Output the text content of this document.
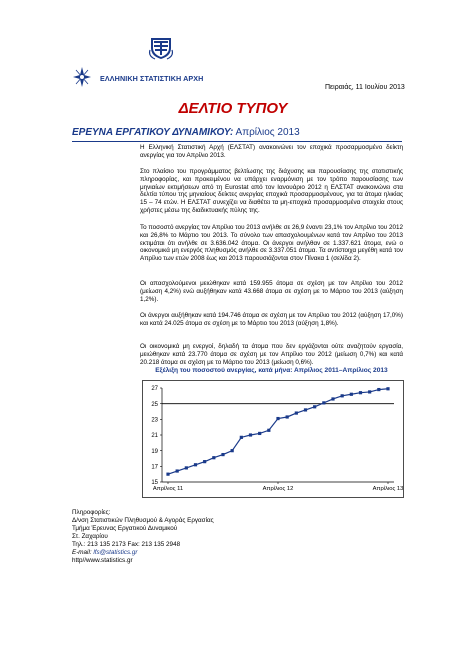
ΕΛΛΗΝΙΚΗ ΣΤΑΤΙΣΤΙΚΗ ΑΡΧΗ
Πειραιάς, 11 Ιουλίου 2013
ΔΕΛΤΙΟ ΤΥΠΟΥ
ΕΡΕΥΝΑ ΕΡΓΑΤΙΚΟΥ ΔΥΝΑΜΙΚΟΥ: Απρίλιος 2013
Η Ελληνική Στατιστική Αρχή (ΕΛΣΤΑΤ) ανακοινώνει τον εποχικά προσαρμοσμένο δείκτη ανεργίας για τον Απρίλιο 2013.
Στο πλαίσιο του προγράμματος βελτίωσης της διάχυσης και παρουσίασης της στατιστικής πληροφορίας, και προκειμένου να υπάρχει εναρμόνιση με τον τρόπο παρουσίασης των μηνιαίων εκτιμήσεων από τη Eurostat από τον Ιανουάριο 2012 η ΕΛΣΤΑΤ ανακοινώνει στα δελτία τύπου της μηνιαίους δείκτες ανεργίας εποχικά προσαρμοσμένους, για τα άτομα ηλικίας 15 – 74 ετών. Η ΕΛΣΤΑΤ συνεχίζει να διαθέτει τα μη-εποχικά προσαρμοσμένα στοιχεία στους χρήστες μέσω της διαδικτυακής πύλης της.
Το ποσοστό ανεργίας τον Απρίλιο του 2013 ανήλθε σε 26,9 έναντι 23,1% τον Απρίλιο του 2012 και 26,8% το Μάρτιο του 2013. Το σύνολο των απασχολουμένων κατά τον Απρίλιο του 2013 εκτιμάται ότι ανήλθε σε 3.636.042 άτομα. Οι άνεργοι ανήλθαν σε 1.337.621 άτομα, ενώ ο οικονομικά μη ενεργός πληθυσμός ανήλθε σε 3.337.051 άτομα. Τα αντίστοιχα μεγέθη κατά τον Απρίλιο των ετών 2008 έως και 2013 παρουσιάζονται στον Πίνακα 1 (σελίδα 2).
Οι απασχολούμενοι μειώθηκαν κατά 159.955 άτομα σε σχέση με τον Απρίλιο του 2012 (μείωση 4,2%) ενώ αυξήθηκαν κατά 43.668 άτομα σε σχέση με το Μάρτιο του 2013 (αύξηση 1,2%).
Οι άνεργοι αυξήθηκαν κατά 194.746 άτομα σε σχέση με τον Απρίλιο του 2012 (αύξηση 17,0%) και κατά 24.025 άτομα σε σχέση με το Μάρτιο του 2013 (αύξηση 1,8%).
Οι οικονομικά μη ενεργοί, δηλαδή τα άτομα που δεν εργάζονται ούτε αναζητούν εργασία, μειώθηκαν κατά 23.770 άτομα σε σχέση με τον Απρίλιο του 2012 (μείωση 0,7%) και κατά 20.218 άτομα σε σχέση με το Μάρτιο του 2013 (μείωση 0,6%).
Εξέλιξη του ποσοστού ανεργίας, κατά μήνα: Απρίλιος 2011–Απρίλιος 2013
15
17
19
21
23
25
27
Απρίλιος 11	Απρίλιος 12	Απρίλιος 13
Πληροφορίες:
Δ/νση Στατιστικών Πληθυσμού & Αγοράς Εργασίας
Τμήμα Έρευνας Εργατικού Δυναμικού
Στ. Ζαχαρίου
Τηλ.: 213 135 2173 Fax: 213 135 2948
E-mail: lfs@statistics.gr
http//www.statistics.gr
